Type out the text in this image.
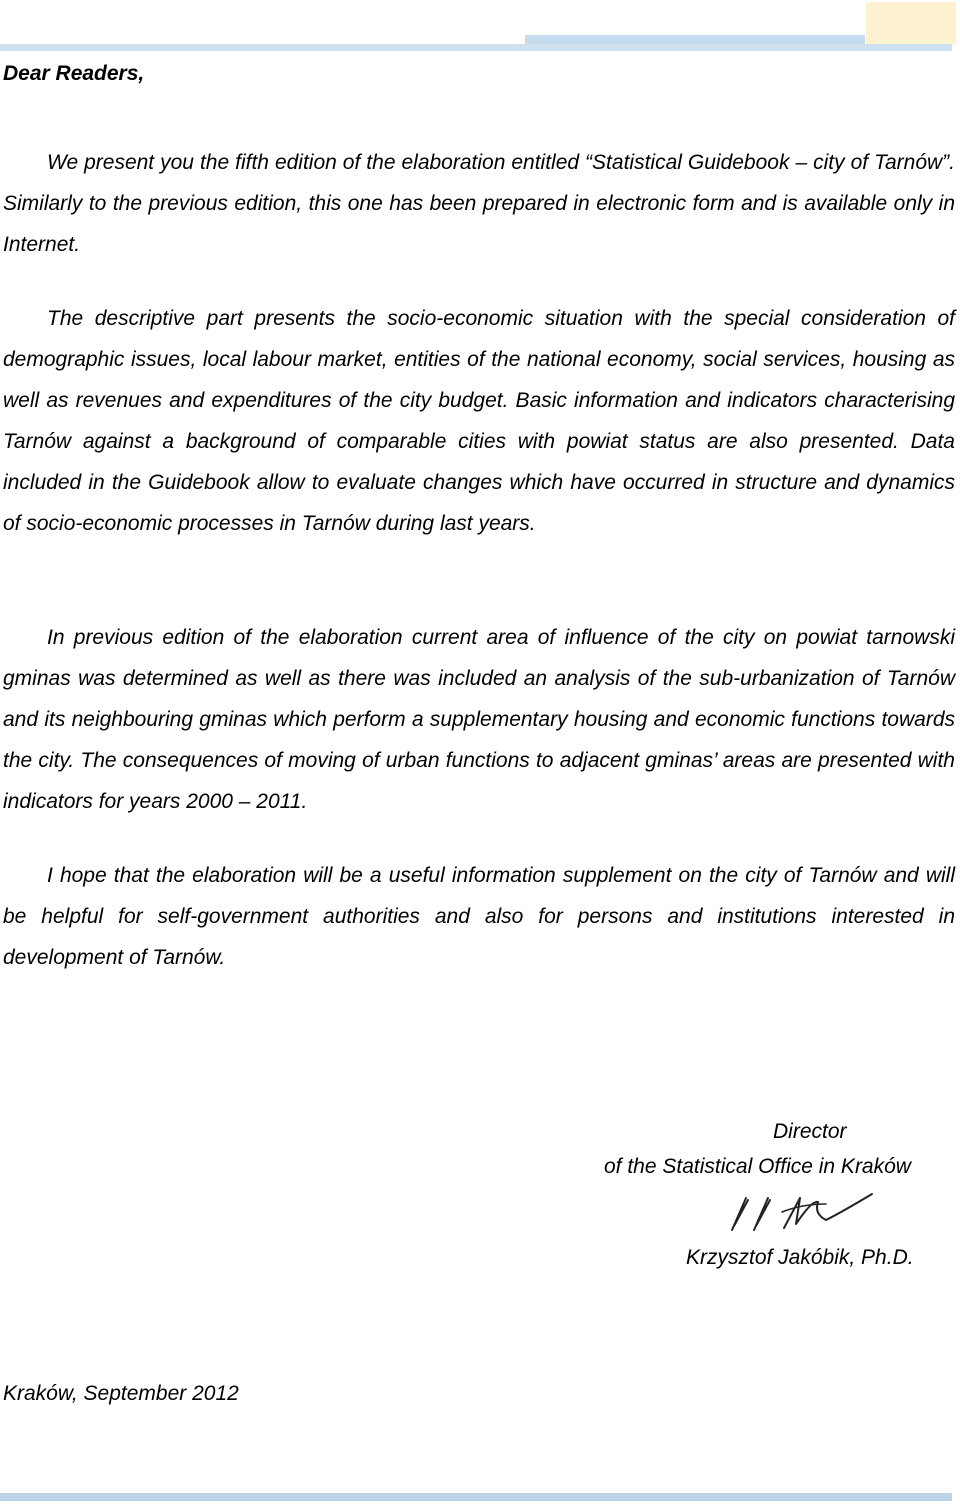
Dear Readers,

We present you the fifth edition of the elaboration entitled “Statistical Guidebook – city of Tarnów”. Similarly to the previous edition, this one has been prepared in electronic form and is available only in Internet.

The descriptive part presents the socio-economic situation with the special consideration of demographic issues, local labour market, entities of the national economy, social services, housing as well as revenues and expenditures of the city budget. Basic information and indicators characterising Tarnów against a background of comparable cities with powiat status are also presented. Data included in the Guidebook allow to evaluate changes which have occurred in structure and dynamics of socio-economic processes in Tarnów during last years.

In previous edition of the elaboration current area of influence of the city on powiat tarnowski gminas was determined as well as there was included an analysis of the sub-urbanization of Tarnów and its neighbouring gminas which perform a supplementary housing and economic functions towards the city. The consequences of moving of urban functions to adjacent gminas’ areas are presented with indicators for years 2000 – 2011.

I hope that the elaboration will be a useful information supplement on the city of Tarnów and will be helpful for self-government authorities and also for persons and institutions interested in development of Tarnów.

Director
of the Statistical Office in Kraków
Krzysztof Jakóbik, Ph.D.
Kraków, September 2012
